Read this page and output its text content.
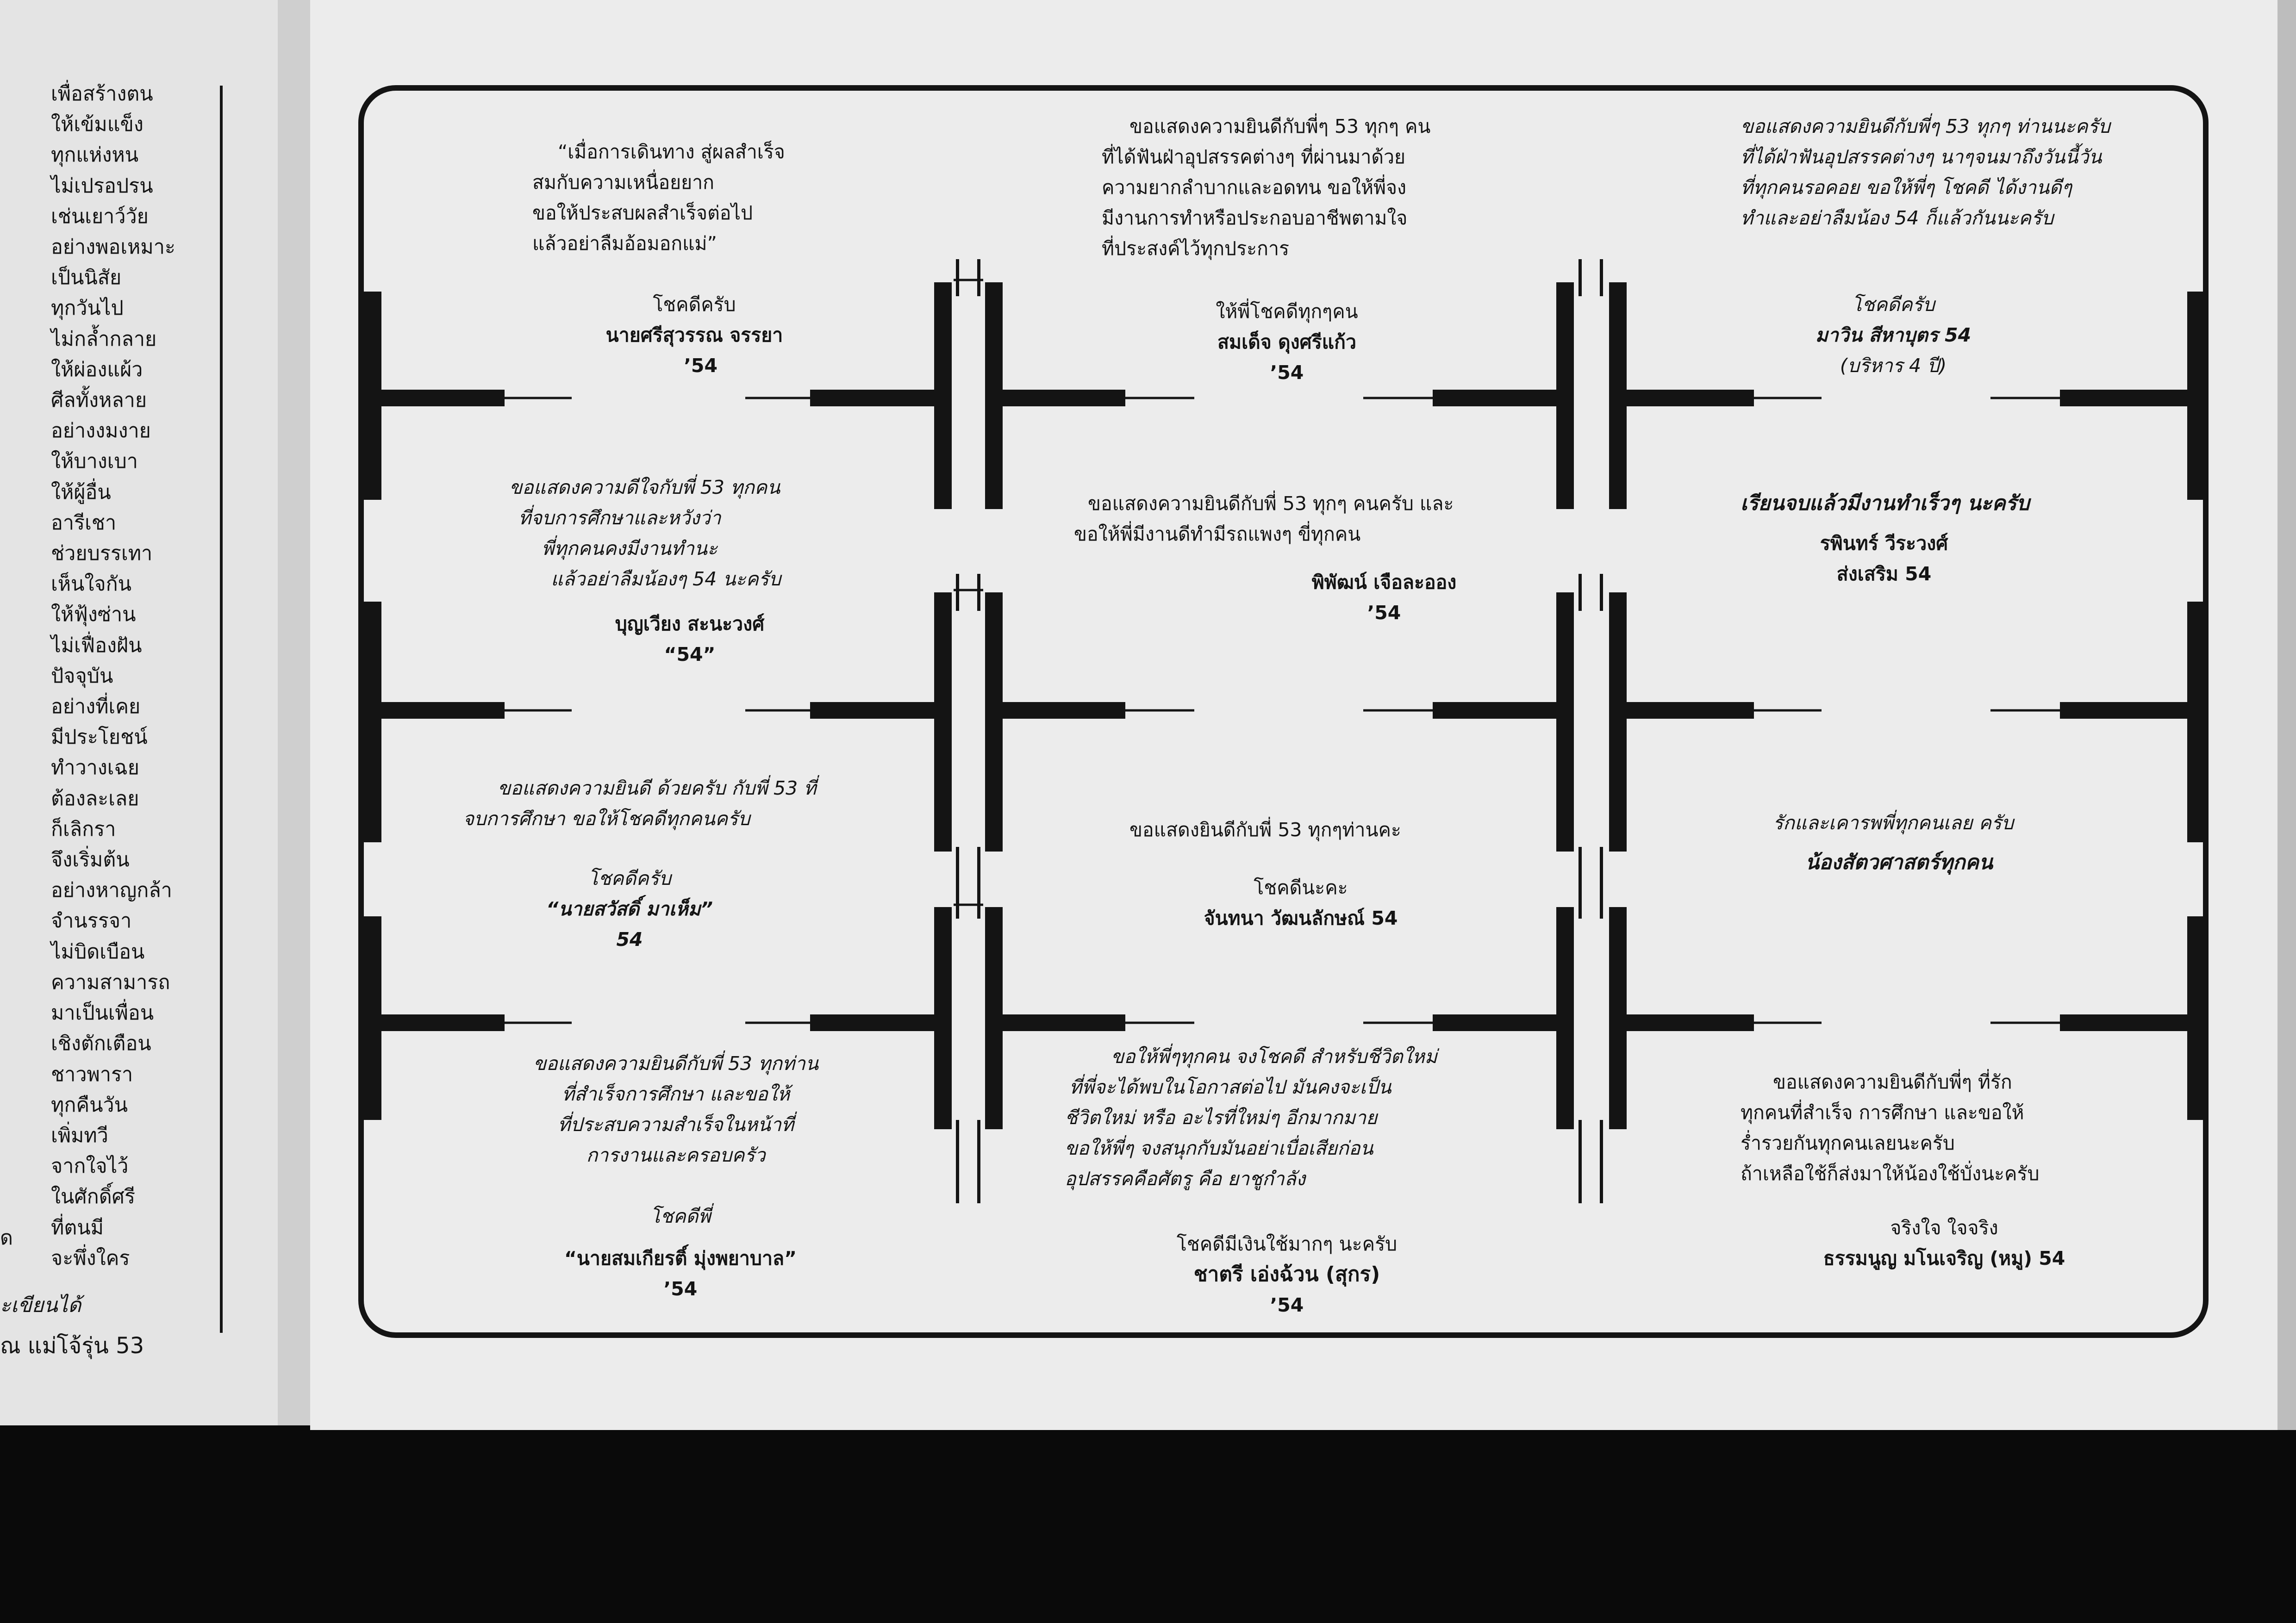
เพื่อสร้างตน
ให้เข้มแข็ง
ทุกแห่งหน
ไม่เปรอปรน
เช่นเยาว์วัย
อย่างพอเหมาะ
เป็นนิสัย
ทุกวันไป
ไม่กล้ำกลาย
ให้ผ่องแผ้ว
ศีลทั้งหลาย
อย่างงมงาย
ให้บางเบา
ให้ผู้อื่น
อารีเชา
ช่วยบรรเทา
เห็นใจกัน
ให้ฟุ้งซ่าน
ไม่เฟื่องฝัน
ปัจจุบัน
อย่างที่เคย
มีประโยชน์
ทำวางเฉย
ต้องละเลย
ก็เลิกรา
จึงเริ่มต้น
อย่างหาญกล้า
จำนรรจา
ไม่บิดเบือน
ความสามารถ
มาเป็นเพื่อน
เชิงตักเตือน
ชาวพารา
ทุกคืนวัน
เพิ่มทวี
จากใจไว้
ในศักดิ์ศรี
ที่ตนมี
จะพึ่งใคร
ด
ะเขียนได้
ณ แม่โจ้รุ่น 53
“เมื่อการเดินทาง สู่ผลสำเร็จ
สมกับความเหนื่อยยาก
ขอให้ประสบผลสำเร็จต่อไป
แล้วอย่าลืมอ้อมอกแม่”
โชคดีครับ
นายศรีสุวรรณ จรรยา
’54
ขอแสดงความยินดีกับพี่ๆ 53 ทุกๆ คน
ที่ได้ฟันฝ่าอุปสรรคต่างๆ ที่ผ่านมาด้วย
ความยากลำบากและอดทน ขอให้พี่จง
มีงานการทำหรือประกอบอาชีพตามใจ
ที่ประสงค์ไว้ทุกประการ
ให้พี่โชคดีทุกๆคน
สมเด็จ ดุงศรีแก้ว
’54
ขอแสดงความยินดีกับพี่ๆ 53 ทุกๆ ท่านนะครับ
ที่ได้ฝ่าฟันอุปสรรคต่างๆ นาๆจนมาถึงวันนี้วัน
ที่ทุกคนรอคอย ขอให้พี่ๆ โชคดี ได้งานดีๆ
ทำและอย่าลืมน้อง 54 ก็แล้วกันนะครับ
โชคดีครับ
มาวิน สีหาบุตร 54
(บริหาร 4 ปี)
ขอแสดงความดีใจกับพี่ 53 ทุกคน
ที่จบการศึกษาและหวังว่า
พี่ทุกคนคงมีงานทำนะ
แล้วอย่าลืมน้องๆ 54 นะครับ
บุญเวียง สะนะวงศ์
“54”
ขอแสดงความยินดีกับพี่ 53 ทุกๆ คนครับ และ
ขอให้พี่มีงานดีทำมีรถแพงๆ ขี่ทุกคน
พิพัฒน์ เจือละออง
’54
เรียนจบแล้วมีงานทำเร็วๆ นะครับ
รพินทร์ วีระวงศ์
ส่งเสริม 54
ขอแสดงความยินดี ด้วยครับ กับพี่ 53 ที่
จบการศึกษา ขอให้โชคดีทุกคนครับ
โชคดีครับ
“นายสวัสดิ์ มาเห็ม”
54
ขอแสดงยินดีกับพี่ 53 ทุกๆท่านคะ
โชคดีนะคะ
จันทนา วัฒนลักษณ์ 54
รักและเคารพพี่ทุกคนเลย ครับ
น้องสัตวศาสตร์ทุกคน
ขอแสดงความยินดีกับพี่ 53 ทุกท่าน
ที่สำเร็จการศึกษา และขอให้
ที่ประสบความสำเร็จในหน้าที่
การงานและครอบครัว
โชคดีพี่
“นายสมเกียรติ์ มุ่งพยาบาล”
’54
ขอให้พี่ๆทุกคน จงโชคดี สำหรับชีวิตใหม่
ที่พี่จะได้พบในโอกาสต่อไป มันคงจะเป็น
ชีวิตใหม่ หรือ อะไรที่ใหม่ๆ อีกมากมาย
ขอให้พี่ๆ จงสนุกกับมันอย่าเบื่อเสียก่อน
อุปสรรคคือศัตรู คือ ยาชูกำลัง
โชคดีมีเงินใช้มากๆ นะครับ
ชาตรี เอ่งฉ้วน (สุกร)
’54
ขอแสดงความยินดีกับพี่ๆ ที่รัก
ทุกคนที่สำเร็จ การศึกษา และขอให้
ร่ำรวยกันทุกคนเลยนะครับ
ถ้าเหลือใช้ก็ส่งมาให้น้องใช้บั่งนะครับ
จริงใจ ใจจริง
ธรรมนูญ มโนเจริญ (หมู) 54
